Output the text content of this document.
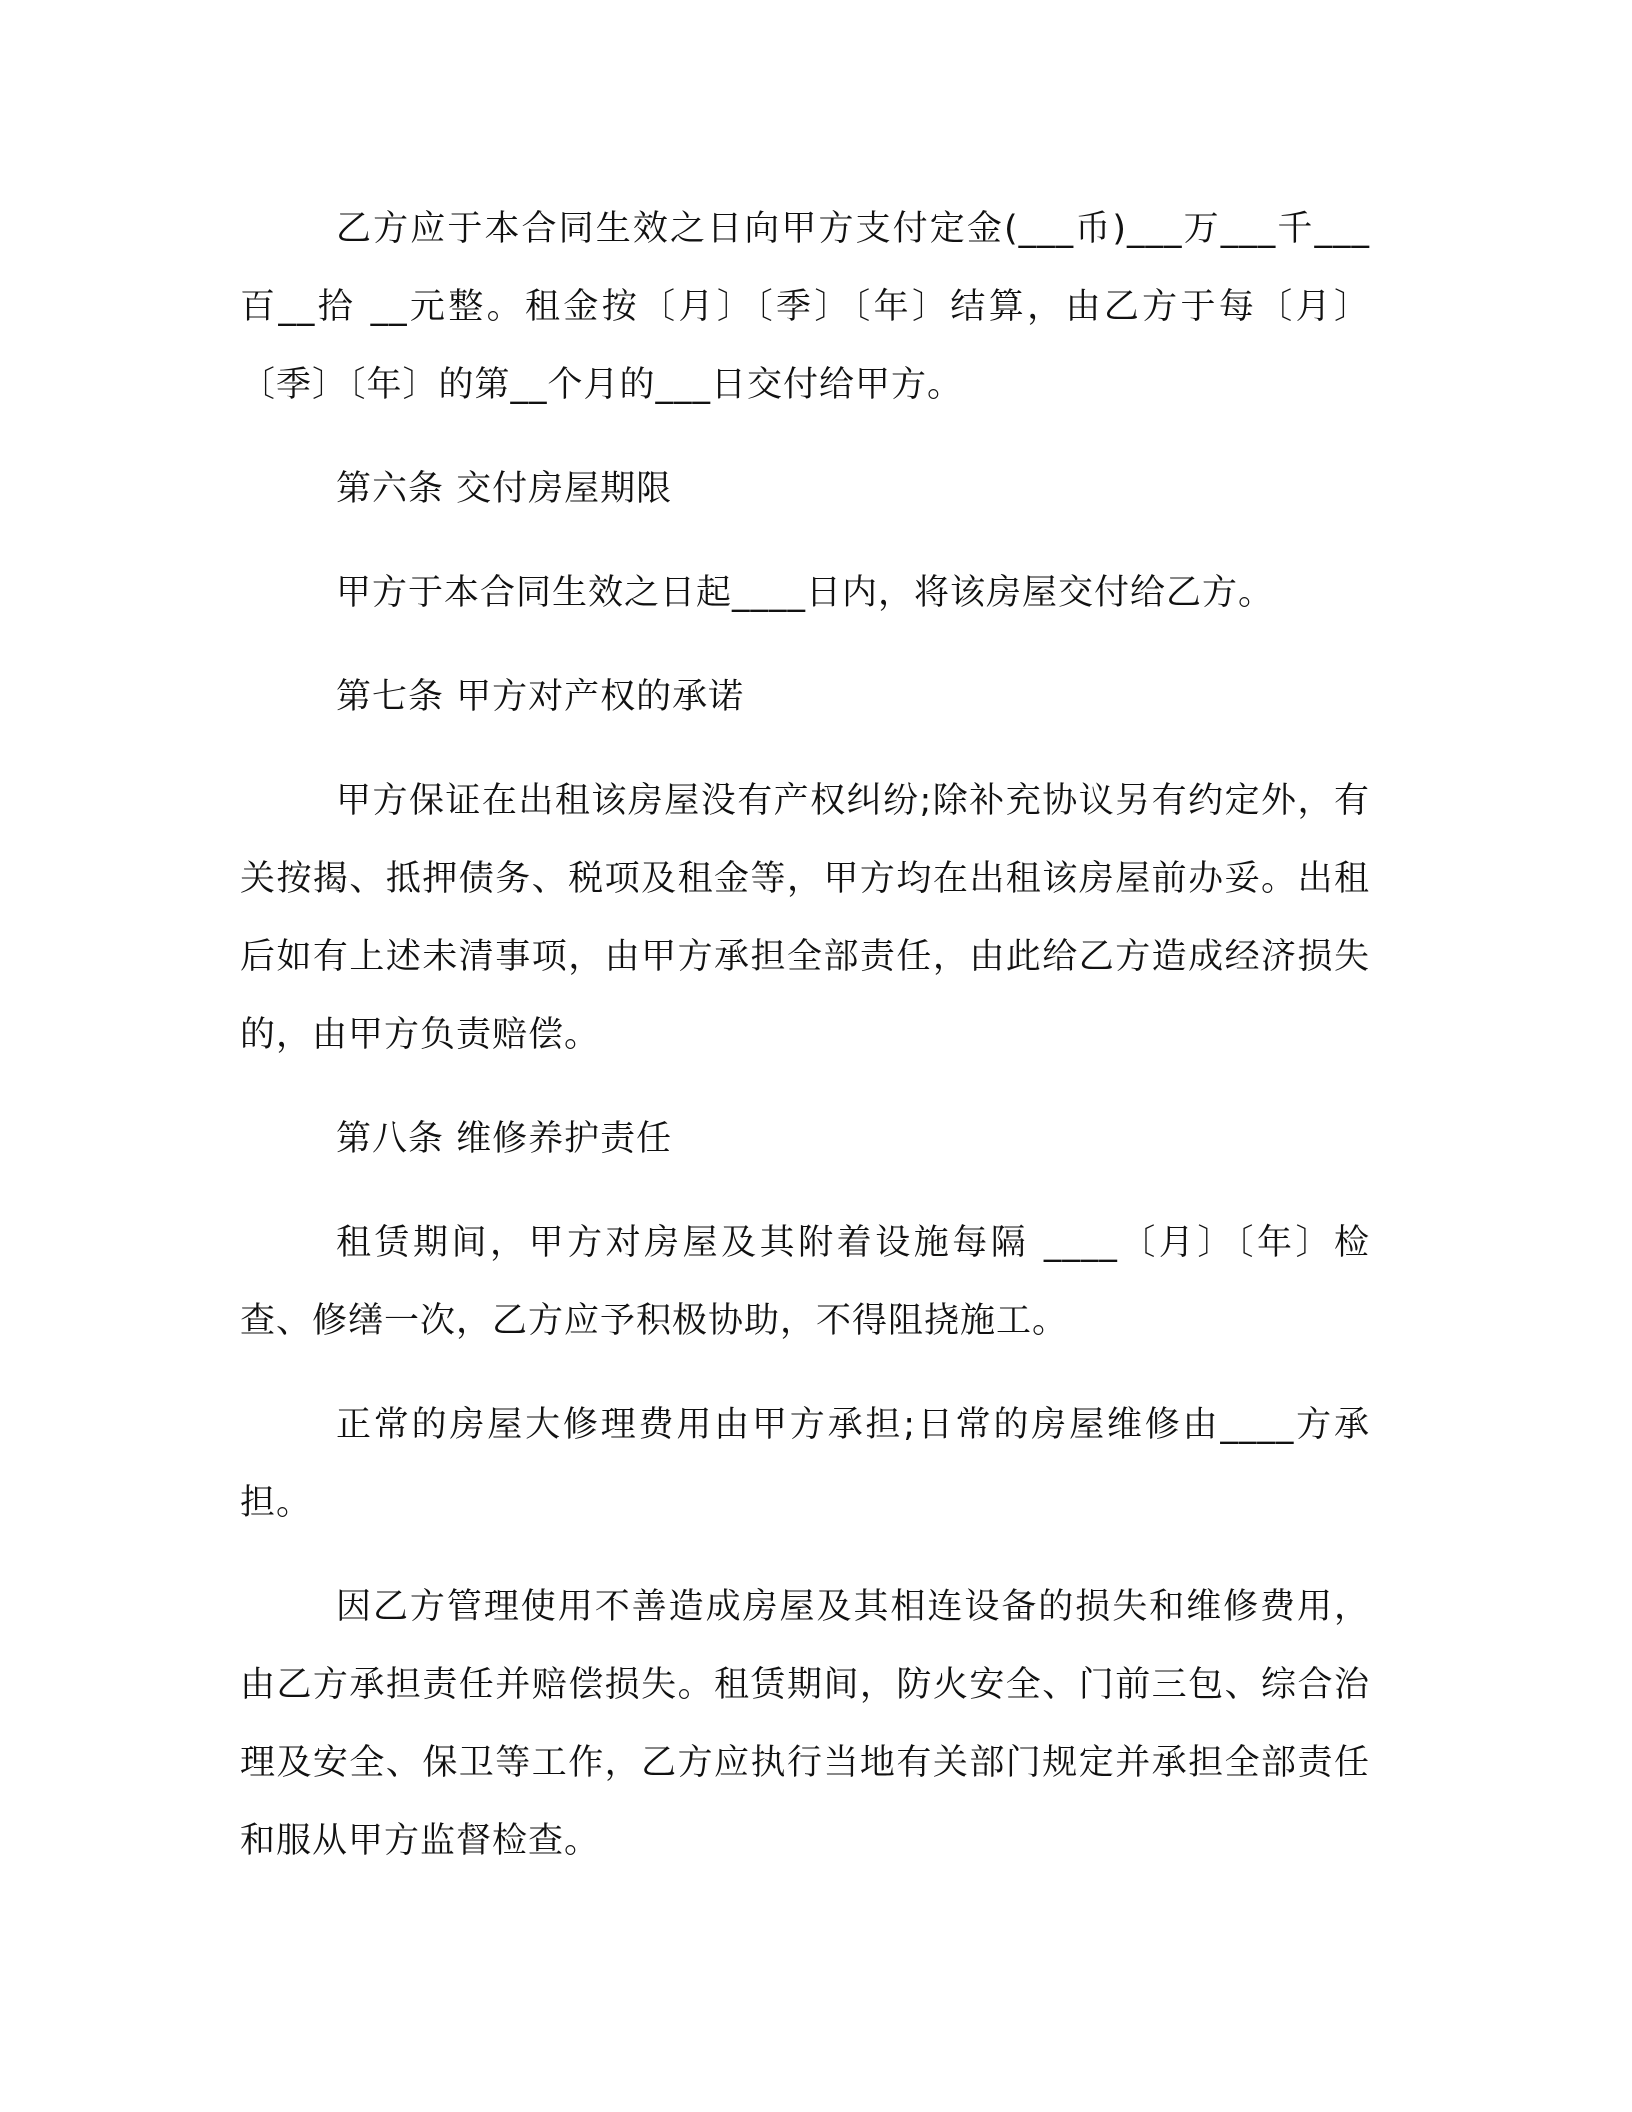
乙方应于本合同生效之日向甲方支付定金(___币)___万___千___百__拾 __元整。租金按〔月〕〔季〕〔年〕结算，由乙方于每〔月〕〔季〕〔年〕的第__个月的___日交付给甲方。

第六条 交付房屋期限

甲方于本合同生效之日起____日内，将该房屋交付给乙方。

第七条 甲方对产权的承诺

甲方保证在出租该房屋没有产权纠纷;除补充协议另有约定外，有关按揭、抵押债务、税项及租金等，甲方均在出租该房屋前办妥。出租后如有上述未清事项，由甲方承担全部责任，由此给乙方造成经济损失的，由甲方负责赔偿。

第八条 维修养护责任

租赁期间，甲方对房屋及其附着设施每隔 ____〔月〕〔年〕检查、修缮一次，乙方应予积极协助，不得阻挠施工。

正常的房屋大修理费用由甲方承担;日常的房屋维修由____方承担。

因乙方管理使用不善造成房屋及其相连设备的损失和维修费用，由乙方承担责任并赔偿损失。租赁期间，防火安全、门前三包、综合治理及安全、保卫等工作，乙方应执行当地有关部门规定并承担全部责任和服从甲方监督检查。
